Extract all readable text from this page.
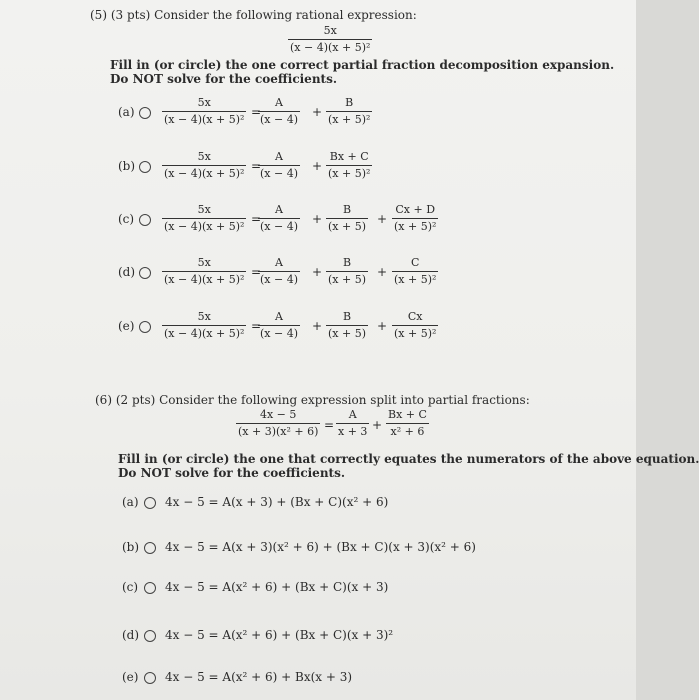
(5) (3 pts) Consider the following rational expression:
5x
(x − 4)(x + 5)²
Fill in (or circle) the one correct partial fraction decomposition expansion.
Do NOT solve for the coefficients.
(a)
5x
(x − 4)(x + 5)²
=
A
(x − 4)
+
B
(x + 5)²
(b)
5x
(x − 4)(x + 5)²
=
A
(x − 4)
+
Bx + C
(x + 5)²
(c)
5x
(x − 4)(x + 5)²
=
A
(x − 4)
+
B
(x + 5)
+
Cx + D
(x + 5)²
(d)
5x
(x − 4)(x + 5)²
=
A
(x − 4)
+
B
(x + 5)
+
C
(x + 5)²
(e)
5x
(x − 4)(x + 5)²
=
A
(x − 4)
+
B
(x + 5)
+
Cx
(x + 5)²
(6) (2 pts) Consider the following expression split into partial fractions:
4x − 5
(x + 3)(x² + 6) =
A
x + 3 +
Bx + C
x² + 6
Fill in (or circle) the one that correctly equates the numerators of the above equation.
Do NOT solve for the coefficients.
(a) 4x − 5 = A(x + 3) + (Bx + C)(x² + 6)
(b) 4x − 5 = A(x + 3)(x² + 6) + (Bx + C)(x + 3)(x² + 6)
(c) 4x − 5 = A(x² + 6) + (Bx + C)(x + 3)
(d) 4x − 5 = A(x² + 6) + (Bx + C)(x + 3)²
(e) 4x − 5 = A(x² + 6) + Bx(x + 3)
